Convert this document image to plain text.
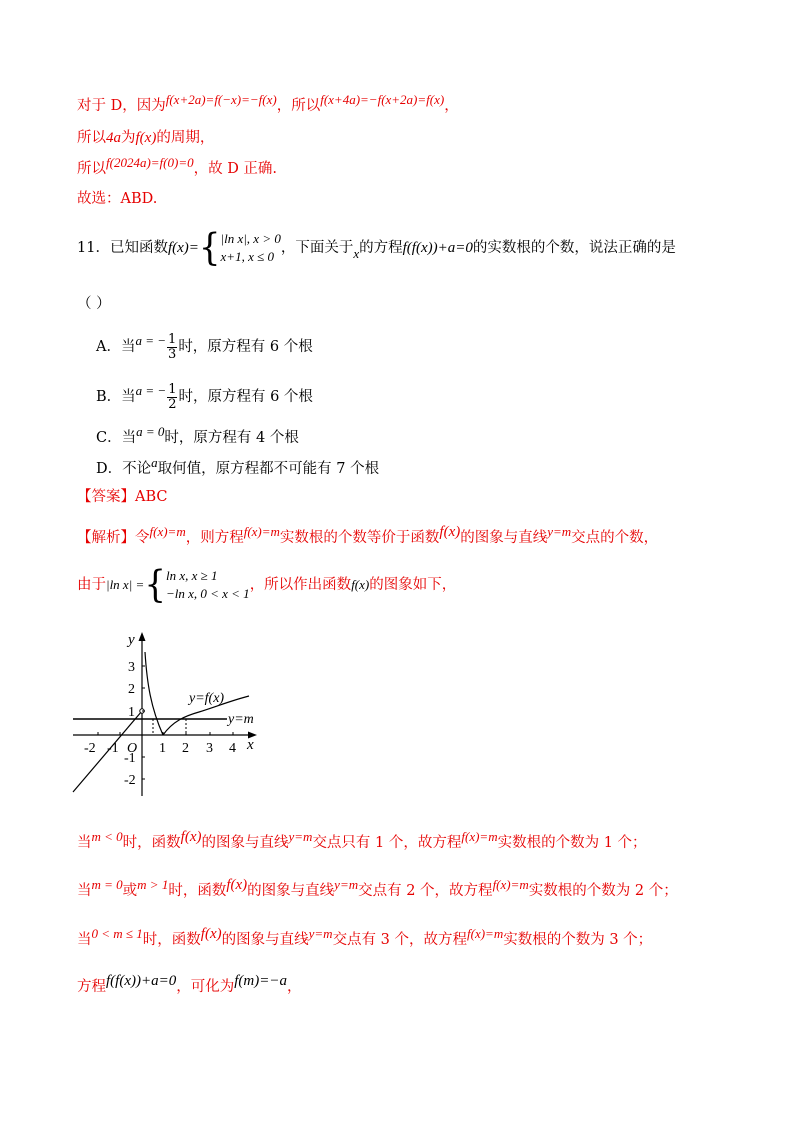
对于 D，因为f(x+2a)=f(−x)=−f(x)，所以f(x+4a)=−f(x+2a)=f(x)，
所以4a为f(x)的周期，
所以f(2024a)=f(0)=0，故 D 正确.
故选：ABD.
11．已知函数f(x)={ |ln x|, x > 0
x+1, x ≤ 0
，下面关于x的方程f(f(x))+a=0的实数根的个数，说法正确的是
（ ）
A．当a = − $\frac{1}{3}$ 时，原方程有 6 个根
B．当a = − $\frac{1}{2}$ 时，原方程有 6 个根
C．当a = 0时，原方程有 4 个根
D．不论a取何值，原方程都不可能有 7 个根
【答案】ABC
【解析】令f(x)=m，则方程f(x)=m实数根的个数等价于函数f(x)的图象与直线y=m交点的个数，
由于|ln x| ={ ln x, x ≥ 1
−ln x, 0 < x < 1
，所以作出函数f(x)的图象如下，
y
x
O
y=f(x)
y=m
-2 -1	1 2 3 4
3
2
1
-1
-2
当m < 0时，函数f(x)的图象与直线y=m交点只有 1 个，故方程f(x)=m实数根的个数为 1 个；
当m = 0或m > 1时，函数f(x)的图象与直线y=m交点有 2 个，故方程f(x)=m实数根的个数为 2 个；
当0 < m ≤ 1时，函数f(x)的图象与直线y=m交点有 3 个，故方程f(x)=m实数根的个数为 3 个；
方程f(f(x))+a=0，可化为f(m)=−a，
